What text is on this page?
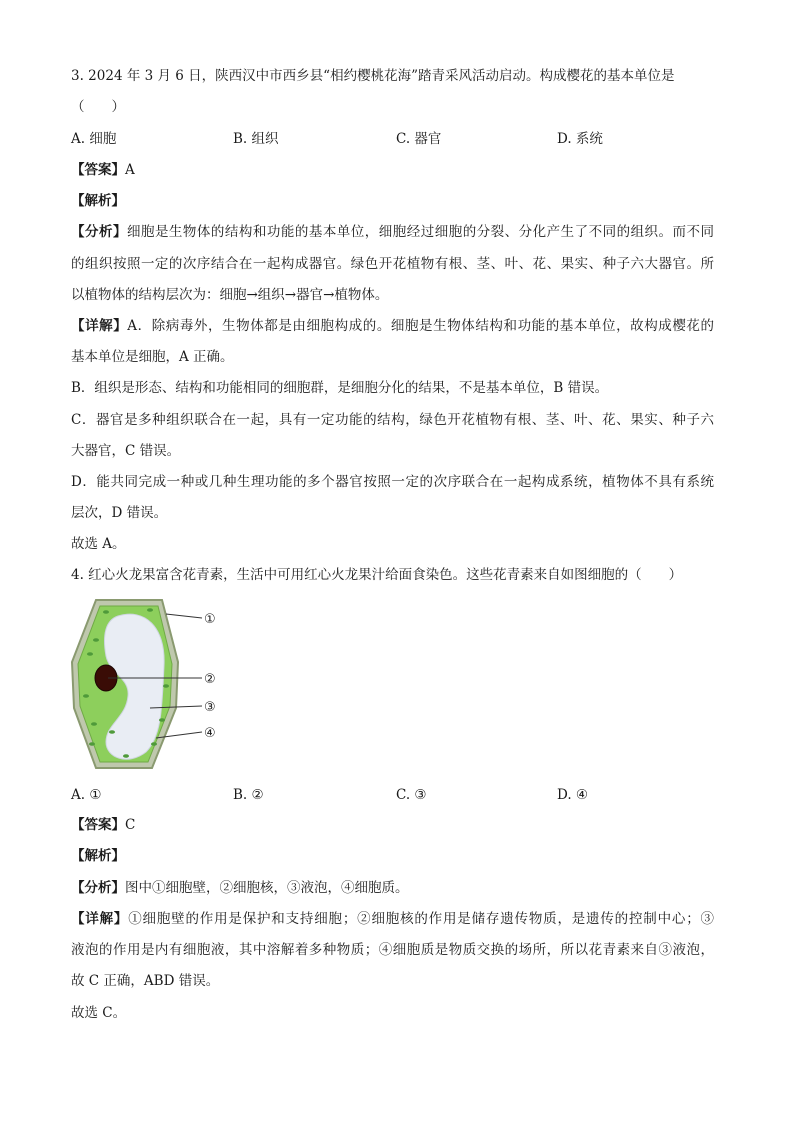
3. 2024 年 3 月 6 日，陕西汉中市西乡县“相约樱桃花海”踏青采风活动启动。构成樱花的基本单位是
（　　）
A. 细胞	B. 组织	C. 器官	D. 系统
【答案】A
【解析】
【分析】细胞是生物体的结构和功能的基本单位，细胞经过细胞的分裂、分化产生了不同的组织。而不同
的组织按照一定的次序结合在一起构成器官。绿色开花植物有根、茎、叶、花、果实、种子六大器官。所
以植物体的结构层次为：细胞→组织→器官→植物体。
【详解】A．除病毒外，生物体都是由细胞构成的。细胞是生物体结构和功能的基本单位，故构成樱花的
基本单位是细胞，A 正确。
B．组织是形态、结构和功能相同的细胞群，是细胞分化的结果，不是基本单位，B 错误。
C．器官是多种组织联合在一起，具有一定功能的结构，绿色开花植物有根、茎、叶、花、果实、种子六
大器官，C 错误。
D．能共同完成一种或几种生理功能的多个器官按照一定的次序联合在一起构成系统，植物体不具有系统
层次，D 错误。
故选 A。
4. 红心火龙果富含花青素，生活中可用红心火龙果汁给面食染色。这些花青素来自如图细胞的（　　）
①
②
③
④
A. ①	B. ②	C. ③	D. ④
【答案】C
【解析】
【分析】图中①细胞壁，②细胞核，③液泡，④细胞质。
【详解】①细胞壁的作用是保护和支持细胞；②细胞核的作用是储存遗传物质，是遗传的控制中心；③
液泡的作用是内有细胞液，其中溶解着多种物质；④细胞质是物质交换的场所，所以花青素来自③液泡，
故 C 正确，ABD 错误。
故选 C。
